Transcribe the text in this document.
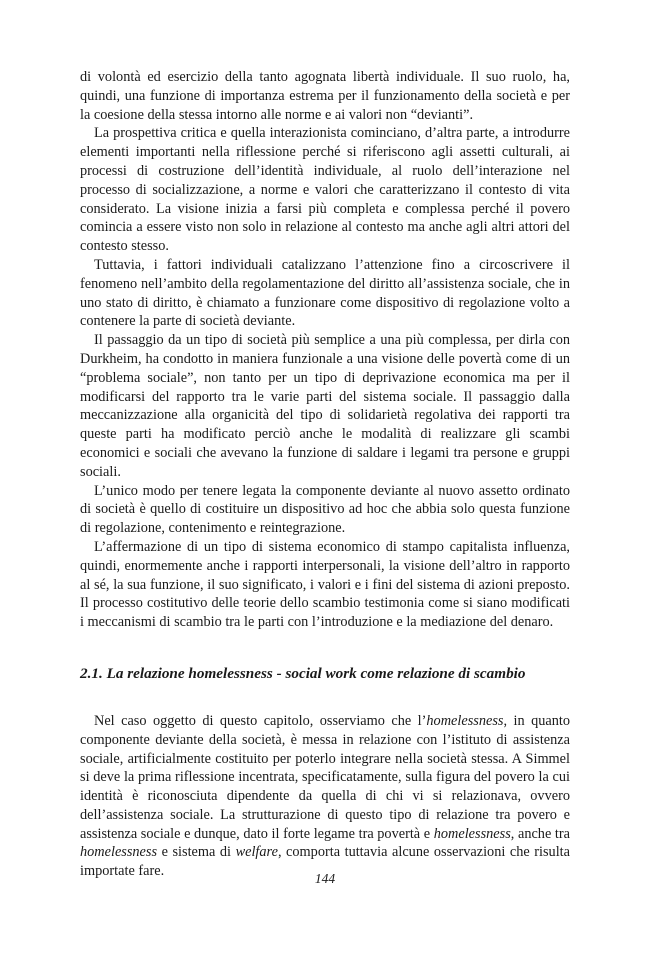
di volontà ed esercizio della tanto agognata libertà individuale. Il suo ruolo, ha, quindi, una funzione di importanza estrema per il funzionamento della società e per la coesione della stessa intorno alle norme e ai valori non “devianti”.

La prospettiva critica e quella interazionista cominciano, d’altra parte, a introdurre elementi importanti nella riflessione perché si riferiscono agli assetti culturali, ai processi di costruzione dell’identità individuale, al ruolo dell’interazione nel processo di socializzazione, a norme e valori che caratterizzano il contesto di vita considerato. La visione inizia a farsi più completa e complessa perché il povero comincia a essere visto non solo in relazione al contesto ma anche agli altri attori del contesto stesso.

Tuttavia, i fattori individuali catalizzano l’attenzione fino a circoscrivere il fenomeno nell’ambito della regolamentazione del diritto all’assistenza sociale, che in uno stato di diritto, è chiamato a funzionare come dispositivo di regolazione volto a contenere la parte di società deviante.

Il passaggio da un tipo di società più semplice a una più complessa, per dirla con Durkheim, ha condotto in maniera funzionale a una visione delle povertà come di un “problema sociale”, non tanto per un tipo di deprivazione economica ma per il modificarsi del rapporto tra le varie parti del sistema sociale. Il passaggio dalla meccanizzazione alla organicità del tipo di solidarietà regolativa dei rapporti tra queste parti ha modificato perciò anche le modalità di realizzare gli scambi economici e sociali che avevano la funzione di saldare i legami tra persone e gruppi sociali.

L’unico modo per tenere legata la componente deviante al nuovo assetto ordinato di società è quello di costituire un dispositivo ad hoc che abbia solo questa funzione di regolazione, contenimento e reintegrazione.

L’affermazione di un tipo di sistema economico di stampo capitalista influenza, quindi, enormemente anche i rapporti interpersonali, la visione dell’altro in rapporto al sé, la sua funzione, il suo significato, i valori e i fini del sistema di azioni preposto. Il processo costitutivo delle teorie dello scambio testimonia come si siano modificati i meccanismi di scambio tra le parti con l’introduzione e la mediazione del denaro.

2.1. La relazione homelessness - social work come relazione di scambio

Nel caso oggetto di questo capitolo, osserviamo che l’homelessness, in quanto componente deviante della società, è messa in relazione con l’istituto di assistenza sociale, artificialmente costituito per poterlo integrare nella società stessa. A Simmel si deve la prima riflessione incentrata, specificatamente, sulla figura del povero la cui identità è riconosciuta dipendente da quella di chi vi si relazionava, ovvero dell’assistenza sociale. La strutturazione di questo tipo di relazione tra povero e assistenza sociale e dunque, dato il forte legame tra povertà e homelessness, anche tra homelessness e sistema di welfare, comporta tuttavia alcune osservazioni che risulta importate fare.	144
